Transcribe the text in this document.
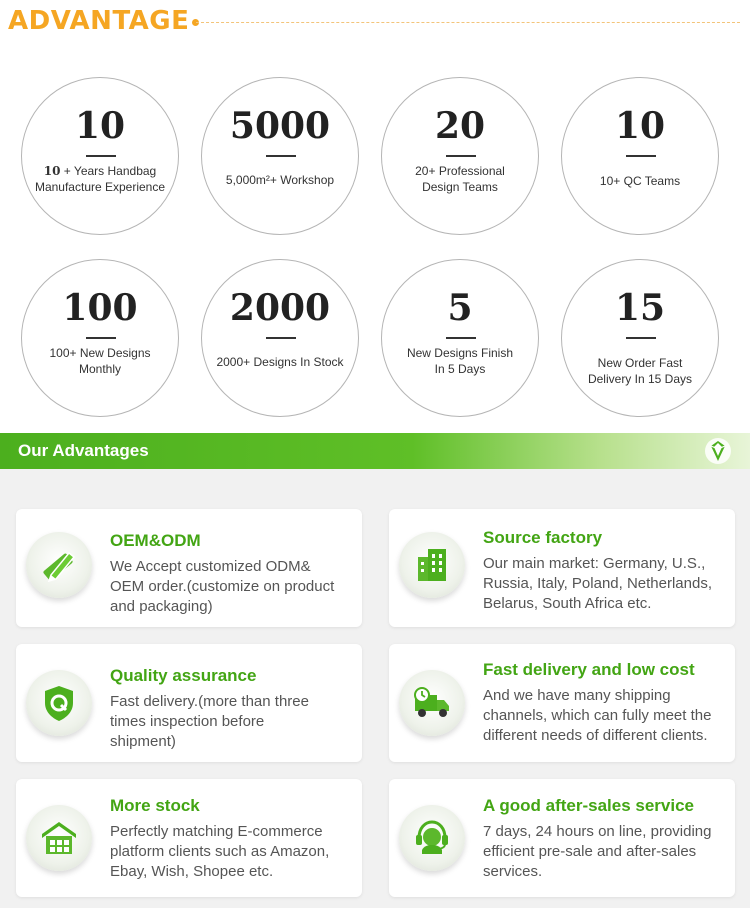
ADVANTAGE
10
10 + Years Handbag Manufacture Experience
5000
5,000m²+ Workshop
20
20+ Professional Design Teams
10
10+ QC Teams
100
100+ New Designs Monthly
2000
2000+ Designs In Stock
5
New Designs Finish In 5 Days
15
New Order Fast Delivery In 15 Days
Our Advantages
OEM&ODM
We Accept customized ODM& OEM order.(customize on product and packaging)
Source factory
Our main market: Germany, U.S., Russia, Italy, Poland, Netherlands, Belarus, South Africa etc.
Quality assurance
Fast delivery.(more than three times inspection before shipment)
Fast delivery and low cost
And we have many shipping channels, which can fully meet the different needs of different clients.
More stock
Perfectly matching E-commerce platform clients such as Amazon, Ebay, Wish, Shopee etc.
A good after-sales service
7 days, 24 hours on line, providing efficient pre-sale and after-sales services.
